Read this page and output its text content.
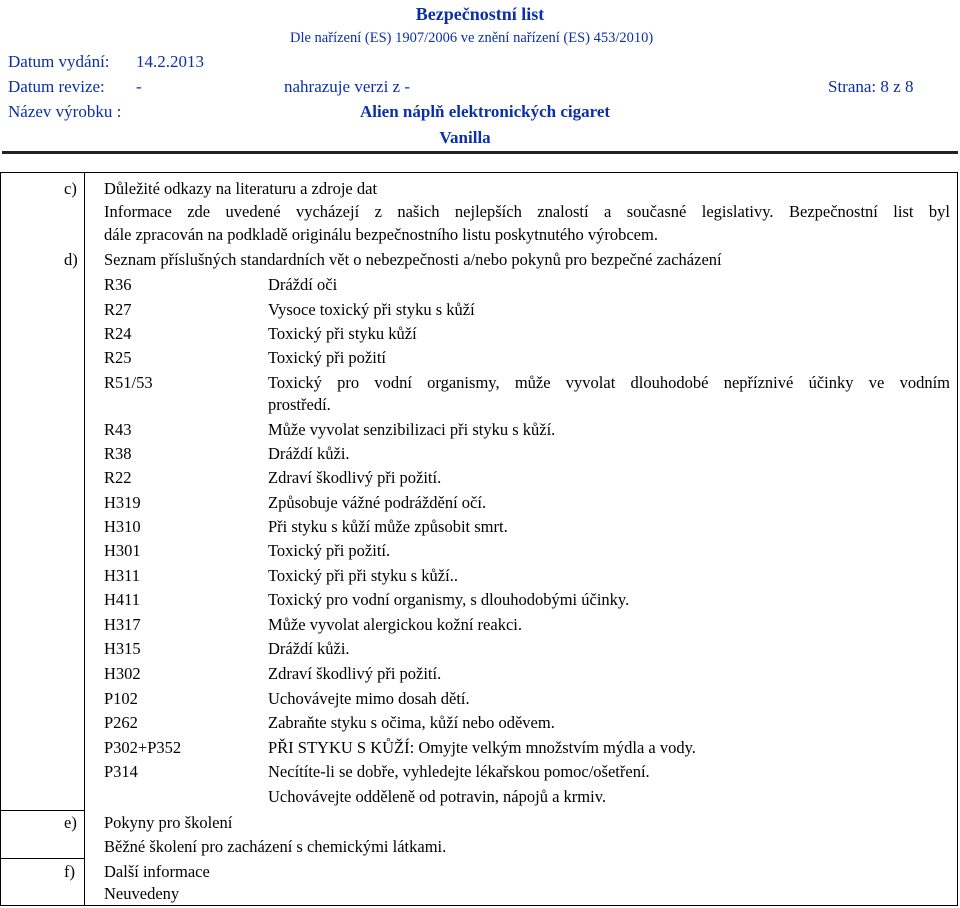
Bezpečnostní list
Dle nařízení (ES) 1907/2006 ve znění nařízení (ES) 453/2010)
Datum vydání: 14.2.2013
Datum revize: -	nahrazuje verzi z -	Strana: 8 z 8
Název výrobku :	Alien náplň elektronických cigaret
Vanilla
c) Důležité odkazy na literaturu a zdroje dat
Informace zde uvedené vycházejí z našich nejlepších znalostí a současné legislativy. Bezpečnostní list byl
dále zpracován na podkladě originálu bezpečnostního listu poskytnutého výrobcem.
d) Seznam příslušných standardních vět o nebezpečnosti a/nebo pokynů pro bezpečné zacházení
R36	Dráždí oči
R27	Vysoce toxický při styku s kůží
R24	Toxický při styku kůží
R25	Toxický při požití
R51/53	Toxický pro vodní organismy, může vyvolat dlouhodobé nepříznivé účinky ve vodním
prostředí.
R43	Může vyvolat senzibilizaci při styku s kůží.
R38	Dráždí kůži.
R22	Zdraví škodlivý při požití.
H319	Způsobuje vážné podráždění očí.
H310	Při styku s kůží může způsobit smrt.
H301	Toxický při požití.
H311	Toxický při při styku s kůží..
H411	Toxický pro vodní organismy, s dlouhodobými účinky.
H317	Může vyvolat alergickou kožní reakci.
H315	Dráždí kůži.
H302	Zdraví škodlivý při požití.
P102	Uchovávejte mimo dosah dětí.
P262	Zabraňte styku s očima, kůží nebo oděvem.
P302+P352	PŘI STYKU S KŮŽÍ: Omyjte velkým množstvím mýdla a vody.
P314	Necítíte-li se dobře, vyhledejte lékařskou pomoc/ošetření.
Uchovávejte odděleně od potravin, nápojů a krmiv.
e) Pokyny pro školení
Běžné školení pro zacházení s chemickými látkami.
f) Další informace
Neuvedeny
